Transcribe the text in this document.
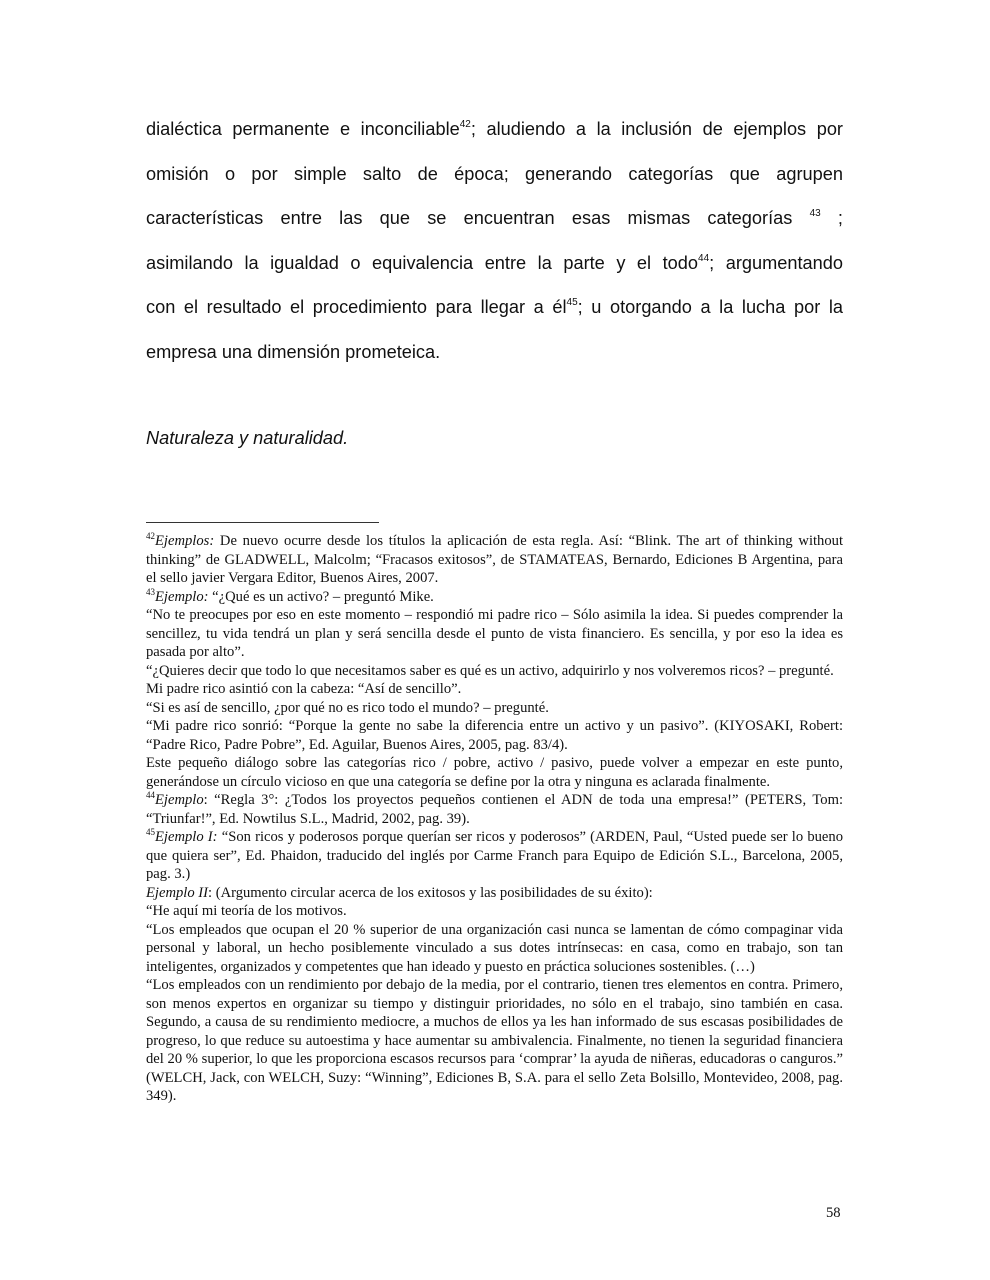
dialéctica permanente e inconciliable$^{42}$; aludiendo a la inclusión de ejemplos por
omisión o por simple salto de época; generando categorías que agrupen
características entre las que se encuentran esas mismas categorías $^{43}$ ;
asimilando la igualdad o equivalencia entre la parte y el todo$^{44}$; argumentando
con el resultado el procedimiento para llegar a $él^{45}$; u otorgando a la lucha por la
empresa una dimensión prometeica.
Naturaleza y naturalidad.

$^{42}$Ejemplos: De nuevo ocurre desde los títulos la aplicación de esta regla. Así: “Blink. The art of thinking without thinking” de GLADWELL, Malcolm; “Fracasos exitosos”, de STAMATEAS, Bernardo, Ediciones B Argentina, para el sello javier Vergara Editor, Buenos Aires, 2007.

$^{43}$Ejemplo: “¿Qué es un activo? – preguntó Mike.

“No te preocupes por eso en este momento – respondió mi padre rico – Sólo asimila la idea. Si puedes comprender la sencillez, tu vida tendrá un plan y será sencilla desde el punto de vista financiero. Es sencilla, y por eso la idea es pasada por alto”.

“¿Quieres decir que todo lo que necesitamos saber es qué es un activo, adquirirlo y nos volveremos ricos? – pregunté.

Mi padre rico asintió con la cabeza: “Así de sencillo”.

“Si es así de sencillo, ¿por qué no es rico todo el mundo? – pregunté.

“Mi padre rico sonrió: “Porque la gente no sabe la diferencia entre un activo y un pasivo”. (KIYOSAKI, Robert: “Padre Rico, Padre Pobre”, Ed. Aguilar, Buenos Aires, 2005, pag. 83/4).

Este pequeño diálogo sobre las categorías rico / pobre, activo / pasivo, puede volver a empezar en este punto, generándose un círculo vicioso en que una categoría se define por la otra y ninguna es aclarada finalmente.

$^{44}$Ejemplo: “Regla 3°: ¿Todos los proyectos pequeños contienen el ADN de toda una empresa!” (PETERS, Tom: “Triunfar!”, Ed. Nowtilus S.L., Madrid, 2002, pag. 39).

$^{45}$Ejemplo I: “Son ricos y poderosos porque querían ser ricos y poderosos” (ARDEN, Paul, “Usted puede ser lo bueno que quiera ser”, Ed. Phaidon, traducido del inglés por Carme Franch para Equipo de Edición S.L., Barcelona, 2005, pag. 3.)

Ejemplo II: (Argumento circular acerca de los exitosos y las posibilidades de su éxito):

“He aquí mi teoría de los motivos.

“Los empleados que ocupan el 20 % superior de una organización casi nunca se lamentan de cómo compaginar vida personal y laboral, un hecho posiblemente vinculado a sus dotes intrínsecas: en casa, como en trabajo, son tan inteligentes, organizados y competentes que han ideado y puesto en práctica soluciones sostenibles. (…)

“Los empleados con un rendimiento por debajo de la media, por el contrario, tienen tres elementos en contra. Primero, son menos expertos en organizar su tiempo y distinguir prioridades, no sólo en el trabajo, sino también en casa. Segundo, a causa de su rendimiento mediocre, a muchos de ellos ya les han informado de sus escasas posibilidades de progreso, lo que reduce su autoestima y hace aumentar su ambivalencia. Finalmente, no tienen la seguridad financiera del 20 % superior, lo que les proporciona escasos recursos para ‘comprar’ la ayuda de niñeras, educadoras o canguros.” (WELCH, Jack, con WELCH, Suzy: “Winning”, Ediciones B, S.A. para el sello Zeta Bolsillo, Montevideo, 2008, pag. 349).

58
